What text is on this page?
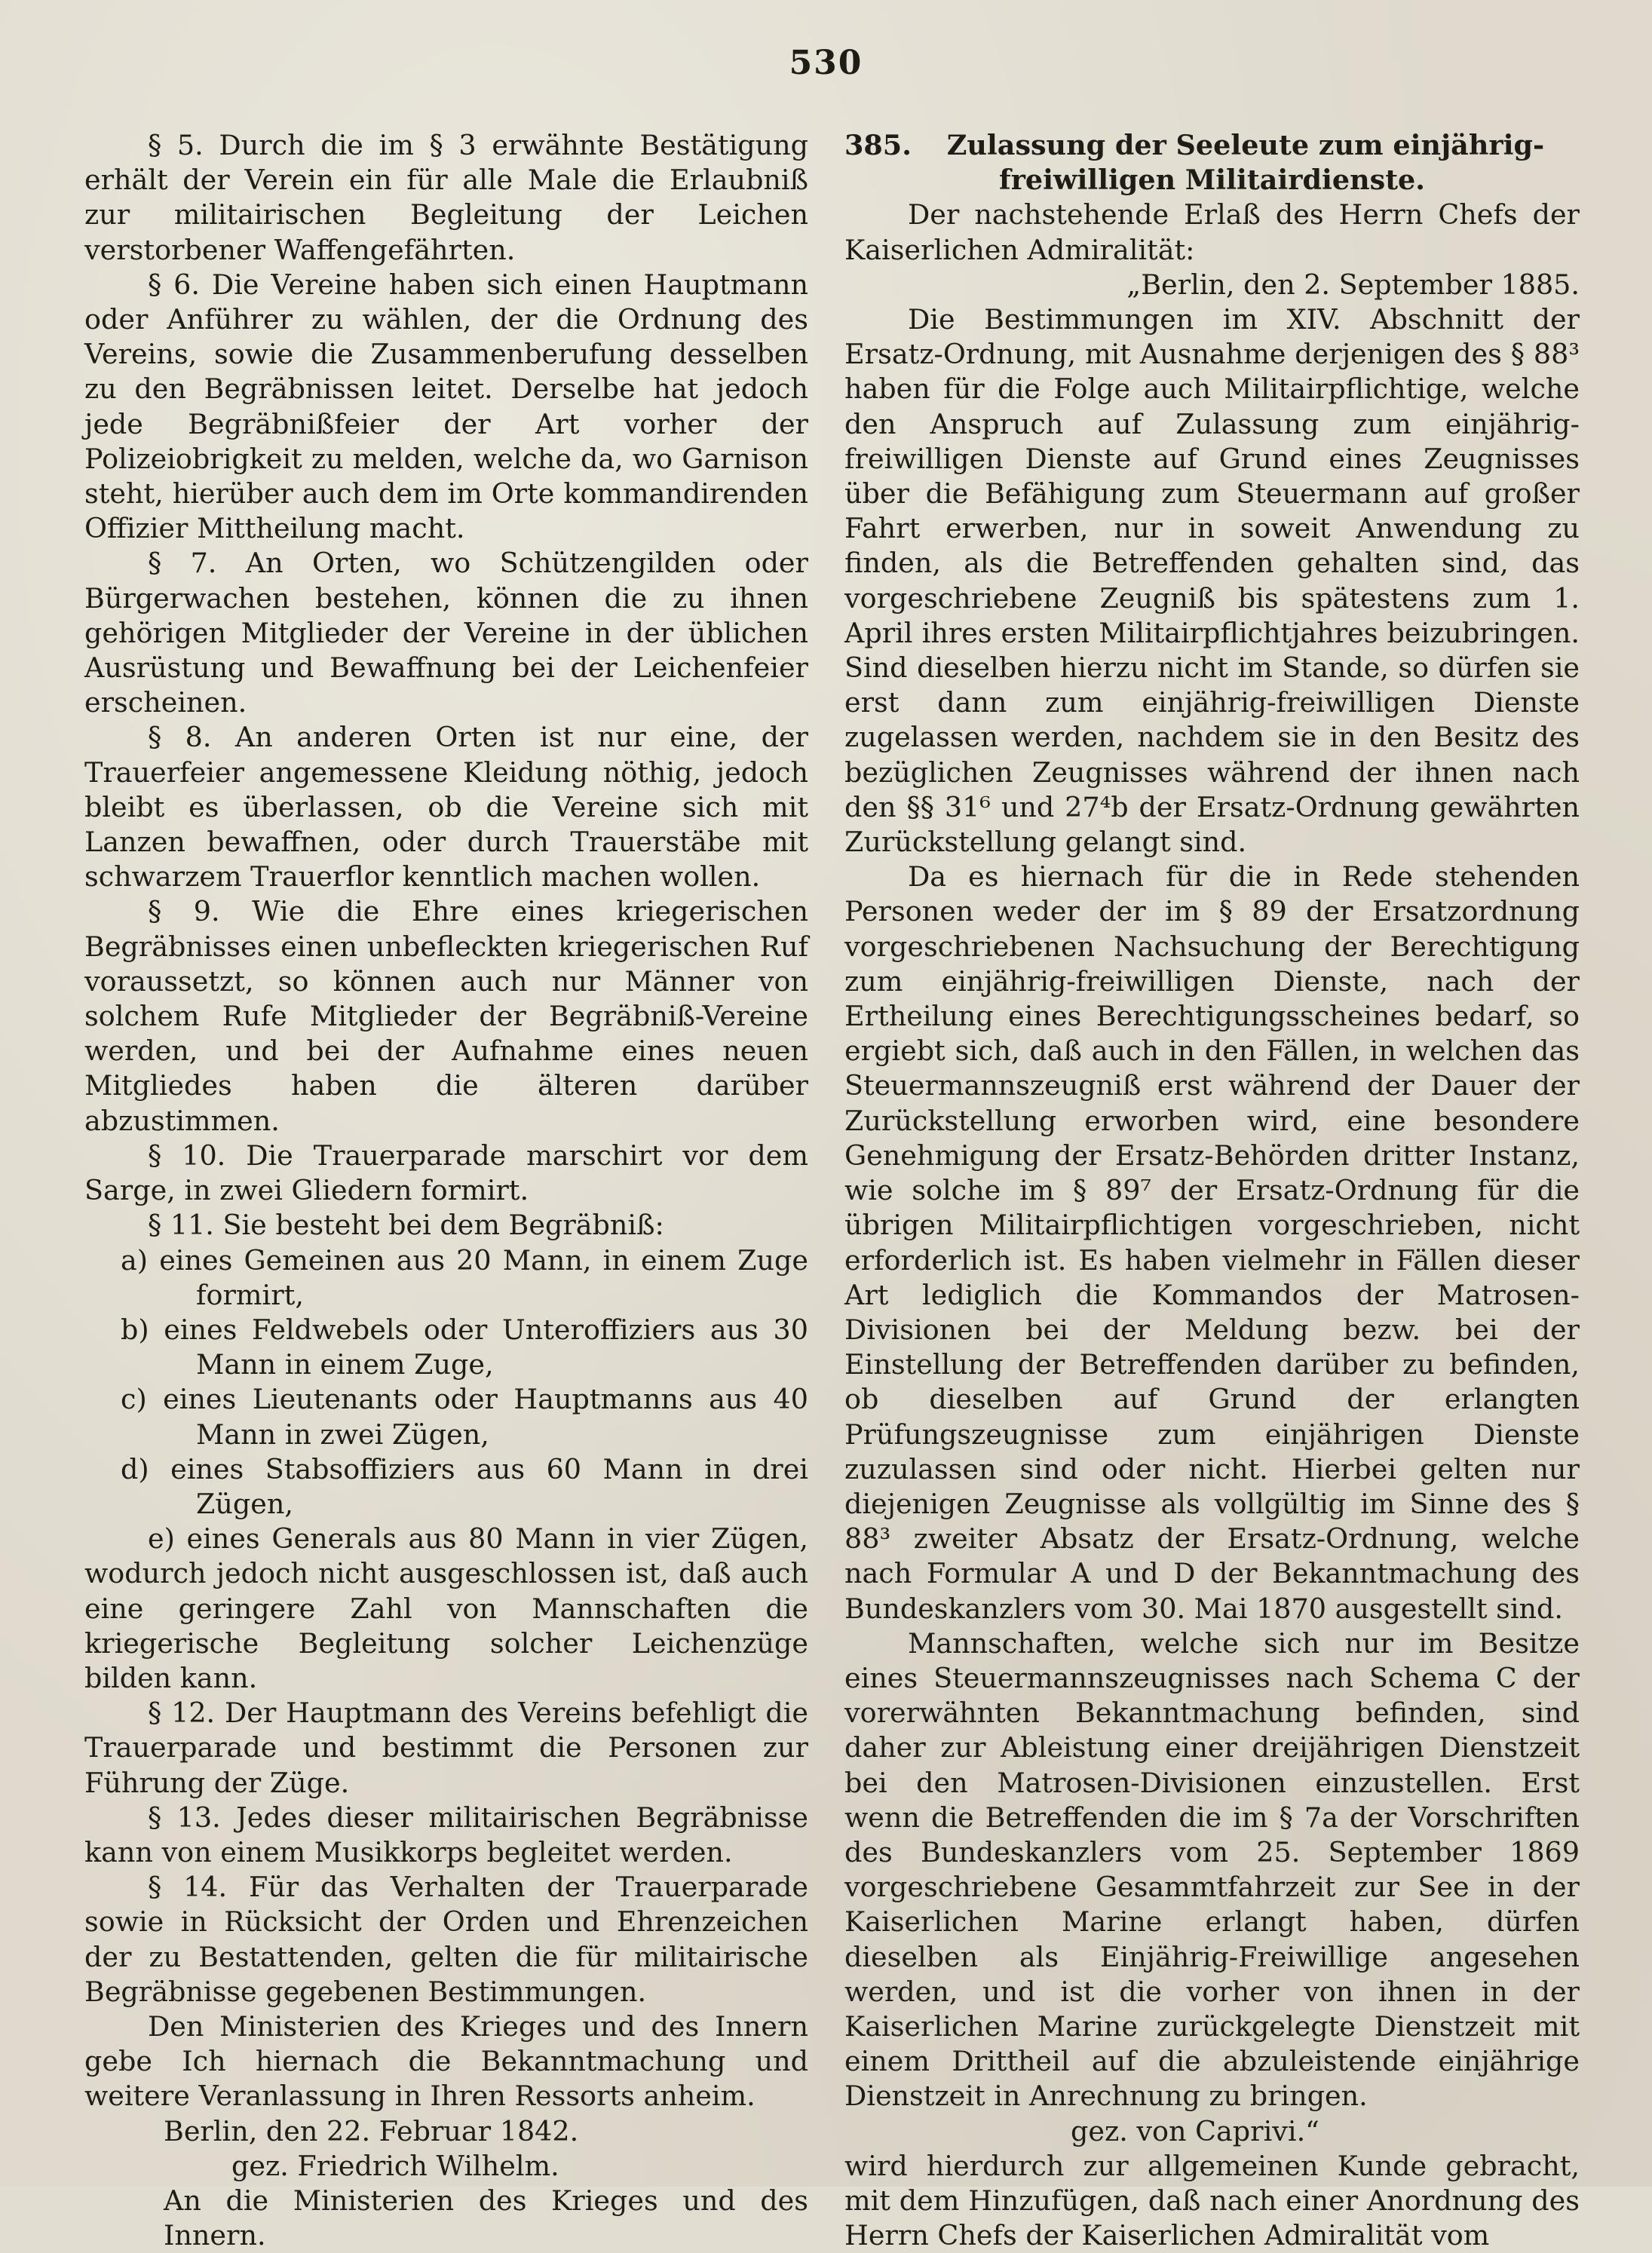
530

§ 5. Durch die im § 3 erwähnte Bestätigung erhält der Verein ein für alle Male die Erlaubniß zur militairischen Begleitung der Leichen verstorbener Waffengefährten.

§ 6. Die Vereine haben sich einen Hauptmann oder Anführer zu wählen, der die Ordnung des Vereins, sowie die Zusammenberufung desselben zu den Begräbnissen leitet. Derselbe hat jedoch jede Begräbnißfeier der Art vorher der Polizeiobrigkeit zu melden, welche da, wo Garnison steht, hierüber auch dem im Orte kommandirenden Offizier Mittheilung macht.

§ 7. An Orten, wo Schützengilden oder Bürgerwachen bestehen, können die zu ihnen gehörigen Mitglieder der Vereine in der üblichen Ausrüstung und Bewaffnung bei der Leichenfeier erscheinen.

§ 8. An anderen Orten ist nur eine, der Trauerfeier angemessene Kleidung nöthig, jedoch bleibt es überlassen, ob die Vereine sich mit Lanzen bewaffnen, oder durch Trauerstäbe mit schwarzem Trauerflor kenntlich machen wollen.

§ 9. Wie die Ehre eines kriegerischen Begräbnisses einen unbefleckten kriegerischen Ruf voraussetzt, so können auch nur Männer von solchem Rufe Mitglieder der Begräbniß-Vereine werden, und bei der Aufnahme eines neuen Mitgliedes haben die älteren darüber abzustimmen.

§ 10. Die Trauerparade marschirt vor dem Sarge, in zwei Gliedern formirt.

§ 11. Sie besteht bei dem Begräbniß:

a) eines Gemeinen aus 20 Mann, in einem Zuge formirt,

b) eines Feldwebels oder Unteroffiziers aus 30 Mann in einem Zuge,

c) eines Lieutenants oder Hauptmanns aus 40 Mann in zwei Zügen,

d) eines Stabsoffiziers aus 60 Mann in drei Zügen,

e) eines Generals aus 80 Mann in vier Zügen, wodurch jedoch nicht ausgeschlossen ist, daß auch eine geringere Zahl von Mannschaften die kriegerische Begleitung solcher Leichenzüge bilden kann.

§ 12. Der Hauptmann des Vereins befehligt die Trauerparade und bestimmt die Personen zur Führung der Züge.

§ 13. Jedes dieser militairischen Begräbnisse kann von einem Musikkorps begleitet werden.

§ 14. Für das Verhalten der Trauerparade sowie in Rücksicht der Orden und Ehrenzeichen der zu Bestattenden, gelten die für militairische Begräbnisse gegebenen Bestimmungen.

Den Ministerien des Krieges und des Innern gebe Ich hiernach die Bekanntmachung und weitere Veranlassung in Ihren Ressorts anheim.

Berlin, den 22. Februar 1842.

gez. Friedrich Wilhelm.

An die Ministerien des Krieges und des Innern.

385. Zulassung der Seeleute zum einjährig-
freiwilligen Militairdienste.

Der nachstehende Erlaß des Herrn Chefs der Kaiserlichen Admiralität:

„Berlin, den 2. September 1885.

Die Bestimmungen im XIV. Abschnitt der Ersatz-Ordnung, mit Ausnahme derjenigen des § 88³ haben für die Folge auch Militairpflichtige, welche den Anspruch auf Zulassung zum einjährig-freiwilligen Dienste auf Grund eines Zeugnisses über die Befähigung zum Steuermann auf großer Fahrt erwerben, nur in soweit Anwendung zu finden, als die Betreffenden gehalten sind, das vorgeschriebene Zeugniß bis spätestens zum 1. April ihres ersten Militairpflichtjahres beizubringen. Sind dieselben hierzu nicht im Stande, so dürfen sie erst dann zum einjährig-freiwilligen Dienste zugelassen werden, nachdem sie in den Besitz des bezüglichen Zeugnisses während der ihnen nach den §§ 31⁶ und 27⁴b der Ersatz-Ordnung gewährten Zurückstellung gelangt sind.

Da es hiernach für die in Rede stehenden Personen weder der im § 89 der Ersatzordnung vorgeschriebenen Nachsuchung der Berechtigung zum einjährig-freiwilligen Dienste, nach der Ertheilung eines Berechtigungsscheines bedarf, so ergiebt sich, daß auch in den Fällen, in welchen das Steuermannszeugniß erst während der Dauer der Zurückstellung erworben wird, eine besondere Genehmigung der Ersatz-Behörden dritter Instanz, wie solche im § 89⁷ der Ersatz-Ordnung für die übrigen Militairpflichtigen vorgeschrieben, nicht erforderlich ist. Es haben vielmehr in Fällen dieser Art lediglich die Kommandos der Matrosen-Divisionen bei der Meldung bezw. bei der Einstellung der Betreffenden darüber zu befinden, ob dieselben auf Grund der erlangten Prüfungszeugnisse zum einjährigen Dienste zuzulassen sind oder nicht. Hierbei gelten nur diejenigen Zeugnisse als vollgültig im Sinne des § 88³ zweiter Absatz der Ersatz-Ordnung, welche nach Formular A und D der Bekanntmachung des Bundeskanzlers vom 30. Mai 1870 ausgestellt sind.

Mannschaften, welche sich nur im Besitze eines Steuermannszeugnisses nach Schema C der vorerwähnten Bekanntmachung befinden, sind daher zur Ableistung einer dreijährigen Dienstzeit bei den Matrosen-Divisionen einzustellen. Erst wenn die Betreffenden die im § 7a der Vorschriften des Bundeskanzlers vom 25. September 1869 vorgeschriebene Gesammtfahrzeit zur See in der Kaiserlichen Marine erlangt haben, dürfen dieselben als Einjährig-Freiwillige angesehen werden, und ist die vorher von ihnen in der Kaiserlichen Marine zurückgelegte Dienstzeit mit einem Drittheil auf die abzuleistende einjährige Dienstzeit in Anrechnung zu bringen.

gez. von Caprivi.“

wird hierdurch zur allgemeinen Kunde gebracht, mit dem Hinzufügen, daß nach einer Anordnung des Herrn Chefs der Kaiserlichen Admiralität vom
